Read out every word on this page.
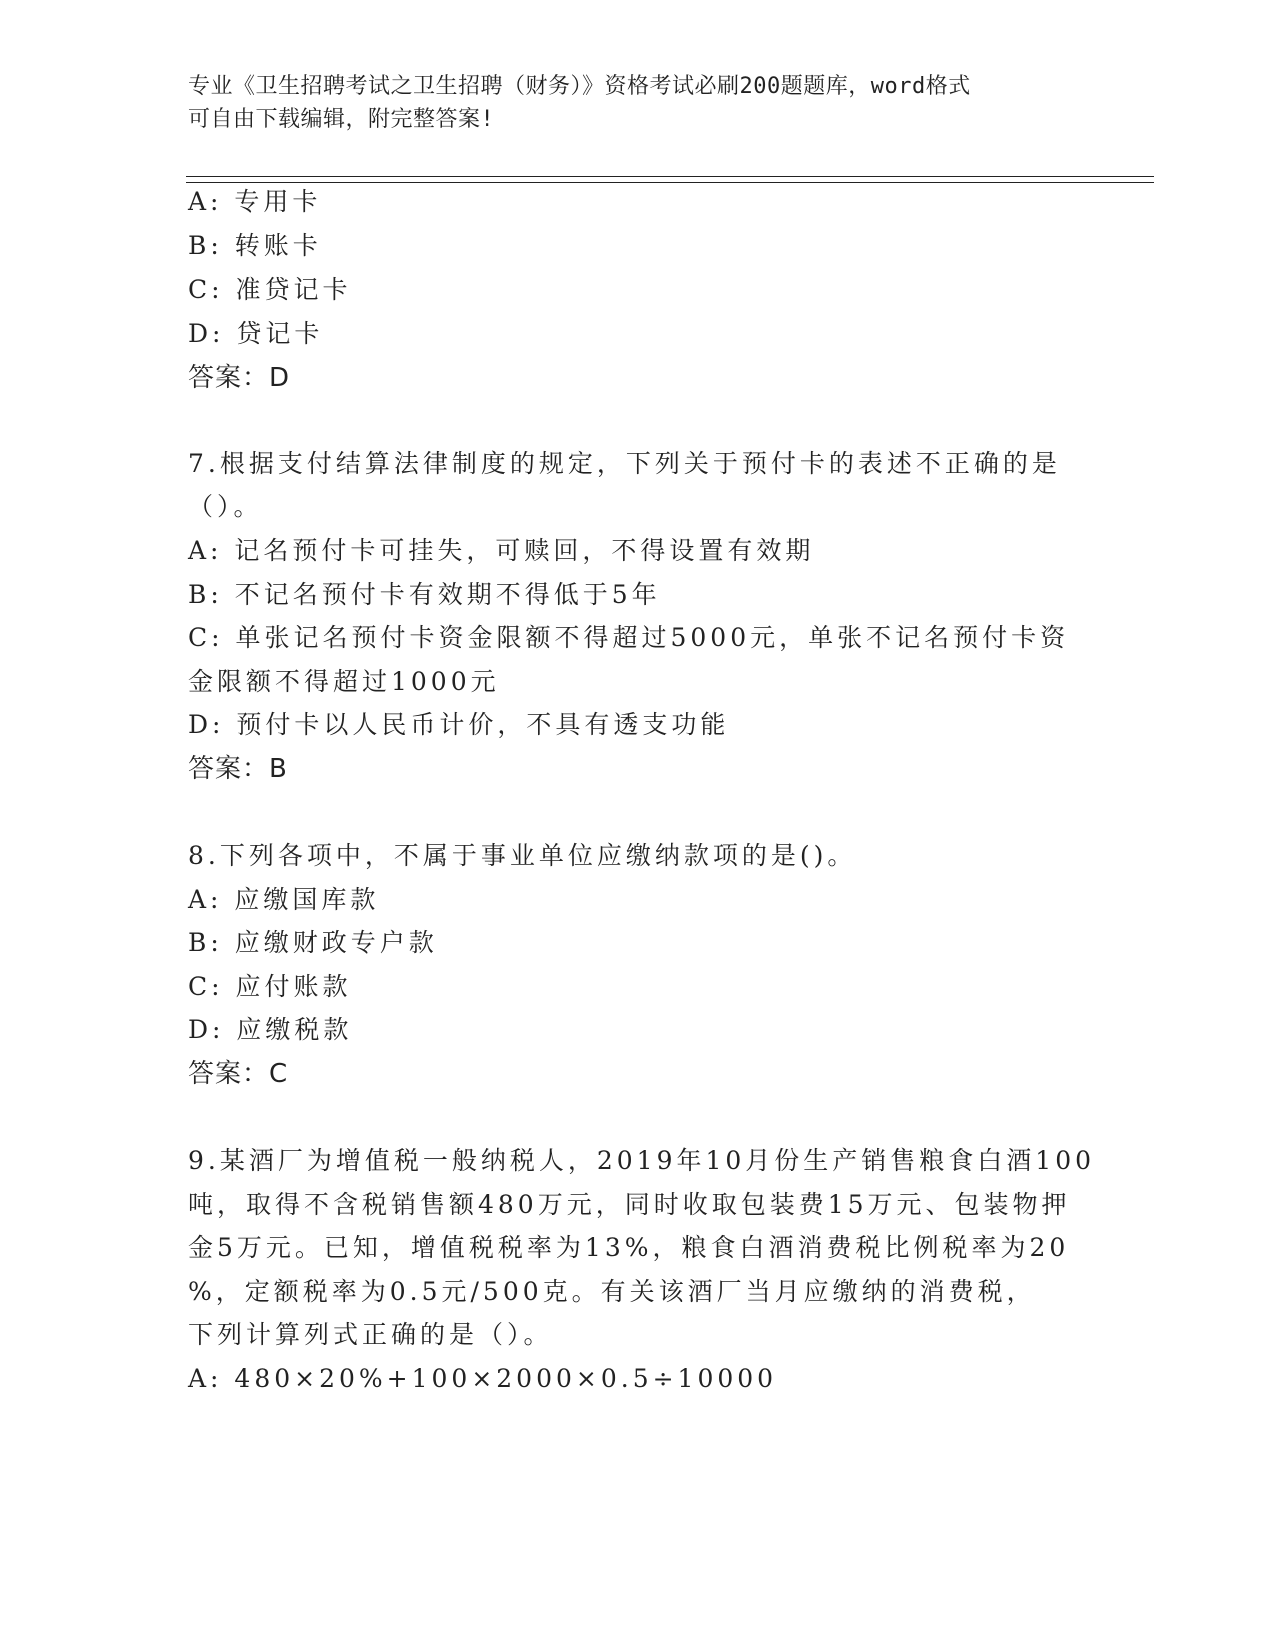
专业《卫生招聘考试之卫生招聘（财务）》资格考试必刷200题题库，word格式
可自由下载编辑，附完整答案!
A: 专用卡
B: 转账卡
C: 准贷记卡
D: 贷记卡
答案：D
7.根据支付结算法律制度的规定，下列关于预付卡的表述不正确的是
（）。
A: 记名预付卡可挂失，可赎回，不得设置有效期
B: 不记名预付卡有效期不得低于5年
C: 单张记名预付卡资金限额不得超过5000元，单张不记名预付卡资
金限额不得超过1000元
D: 预付卡以人民币计价，不具有透支功能
答案：B
8.下列各项中，不属于事业单位应缴纳款项的是()。
A: 应缴国库款
B: 应缴财政专户款
C: 应付账款
D: 应缴税款
答案：C
9.某酒厂为增值税一般纳税人，2019年10月份生产销售粮食白酒100
吨，取得不含税销售额480万元，同时收取包装费15万元、包装物押
金5万元。已知，增值税税率为13%，粮食白酒消费税比例税率为20
%，定额税率为0.5元/500克。有关该酒厂当月应缴纳的消费税，
下列计算列式正确的是（）。
A: 480×20%+100×2000×0.5÷10000
